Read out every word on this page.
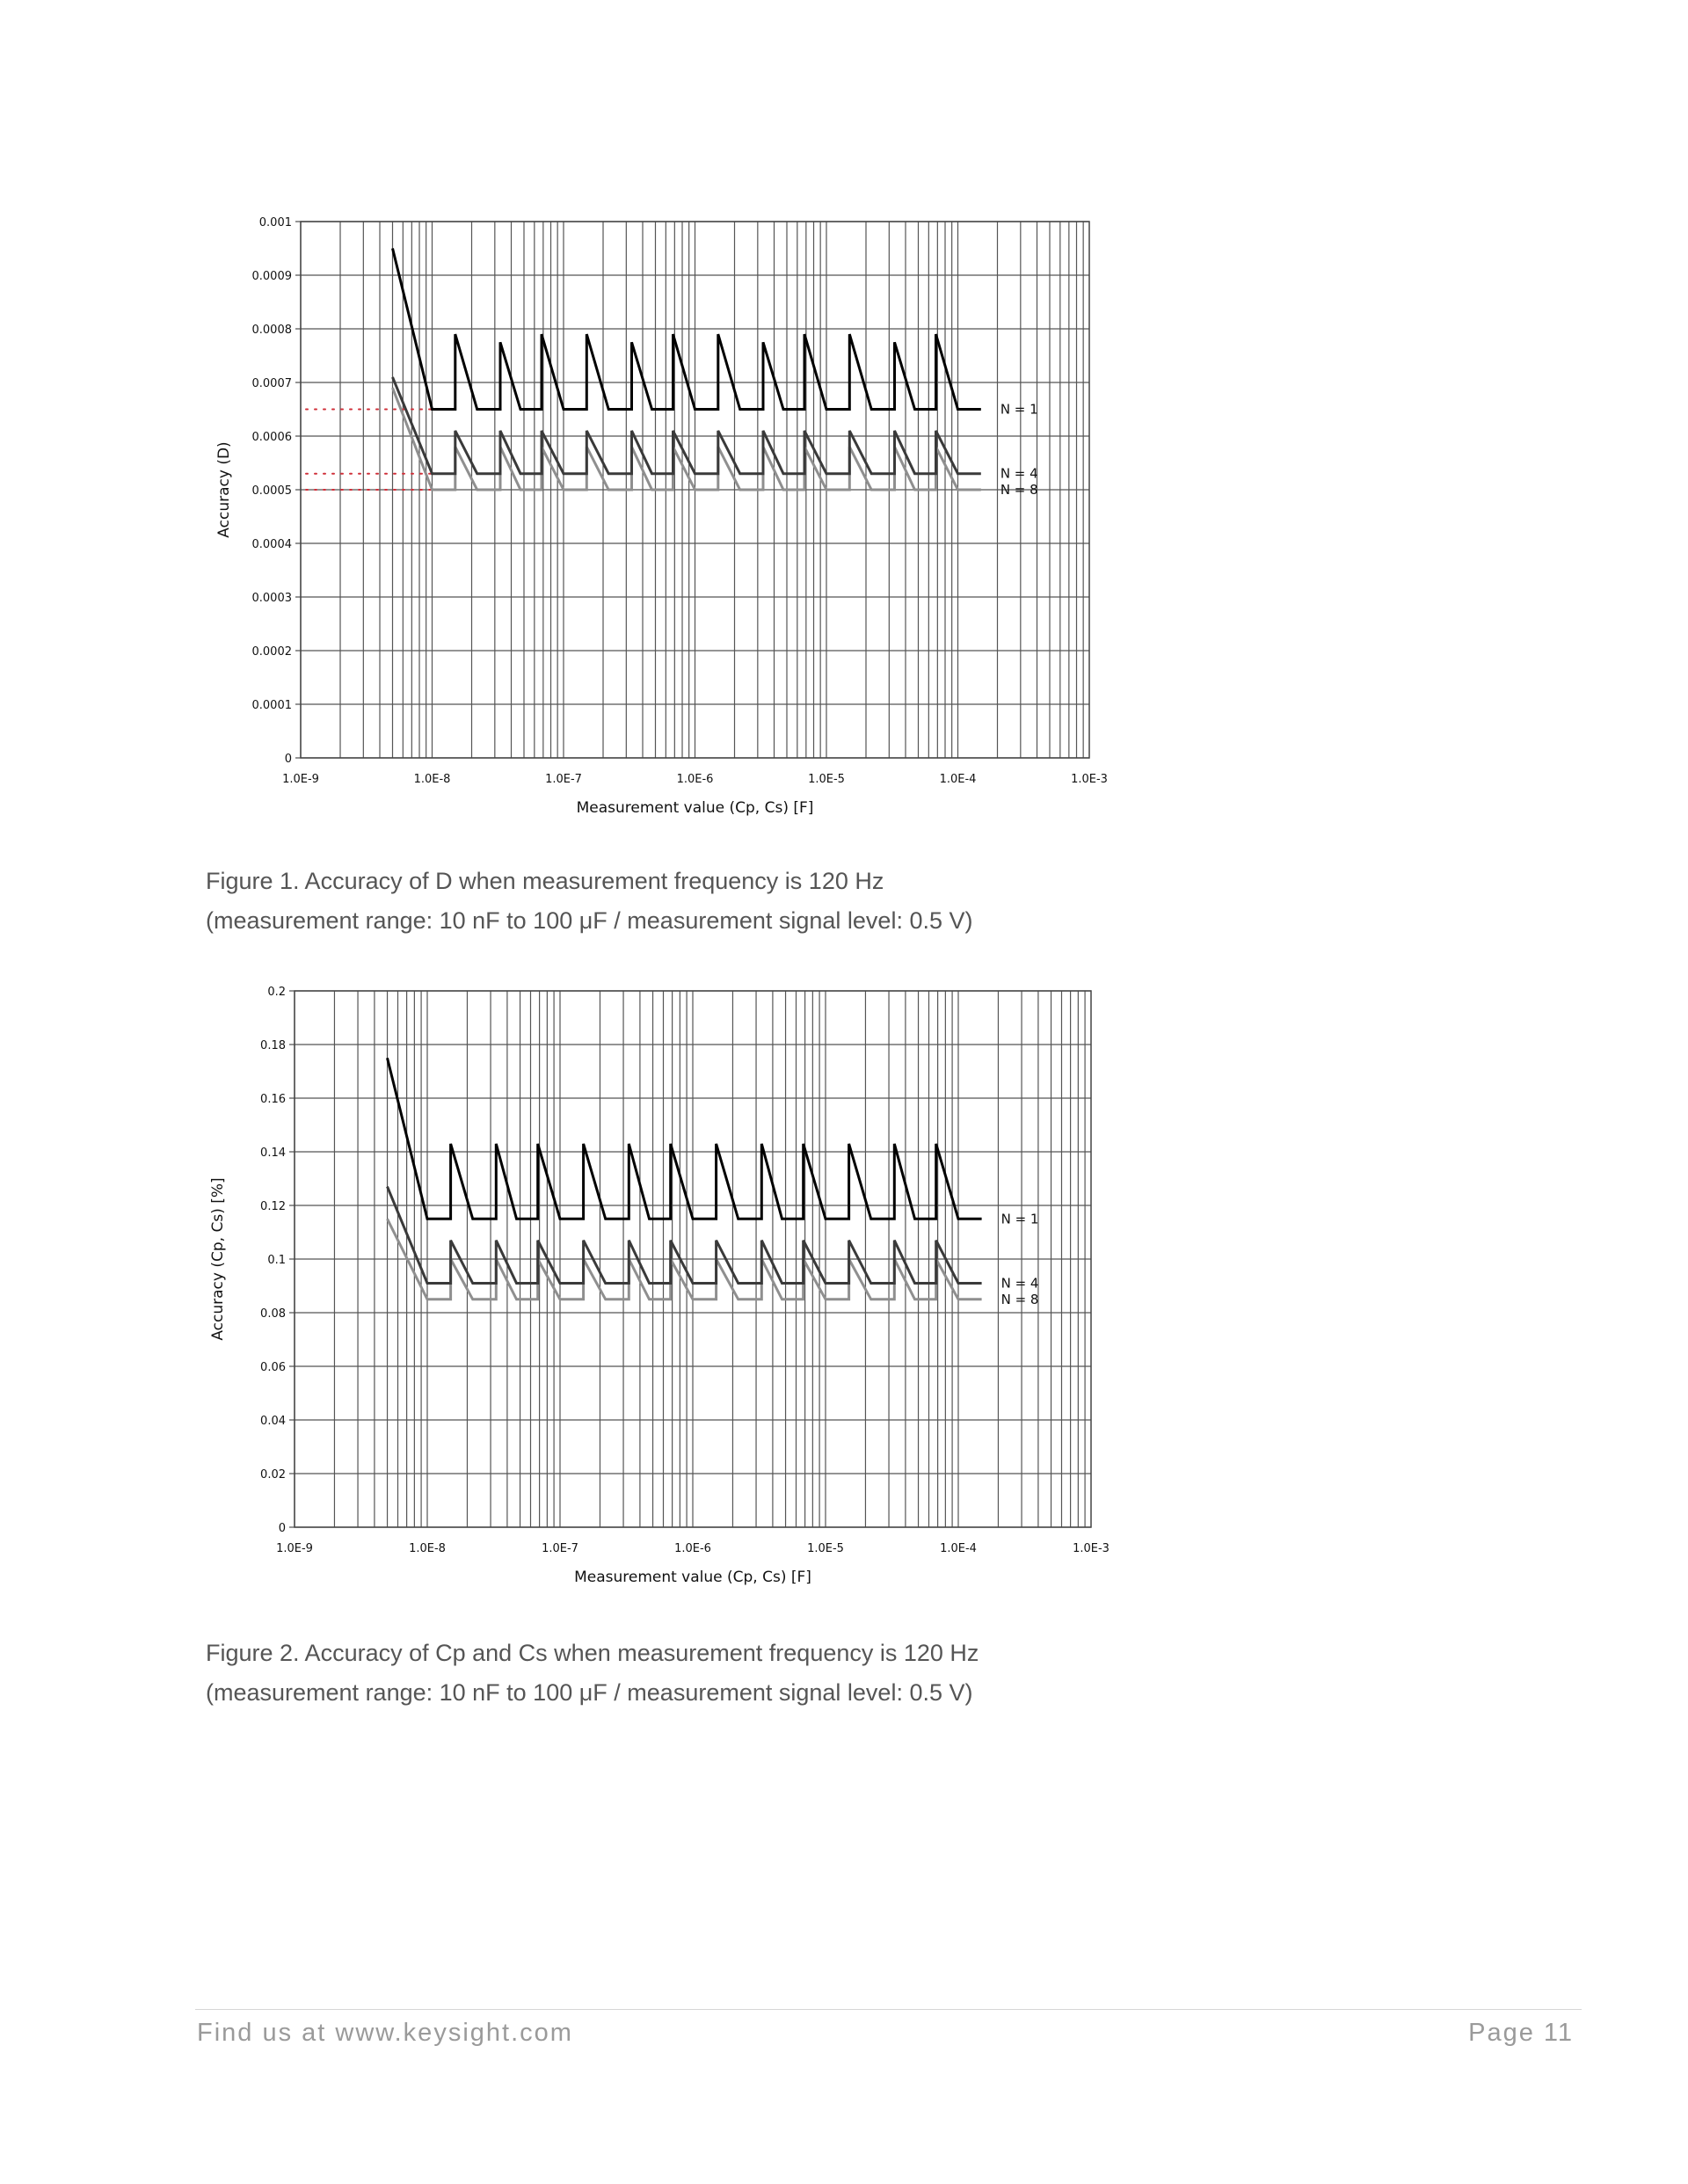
0
0.0001
0.0002
0.0003
0.0004
0.0005
0.0006
0.0007
0.0008
0.0009
0.001
1.0E-9	1.0E-8	1.0E-7	1.0E-6	1.0E-5	1.0E-4	1.0E-3
Measurement value (Cp, Cs) [F]
Accuracy (D)
N = 1
N = 4
N = 8
Figure 1. Accuracy of D when measurement frequency is 120 Hz
(measurement range: 10 nF to 100 μF / measurement signal level: 0.5 V)
0
0.02
0.04
0.06
0.08
0.1
0.12
0.14
0.16
0.18
0.2
1.0E-9	1.0E-8	1.0E-7	1.0E-6	1.0E-5	1.0E-4	1.0E-3
Measurement value (Cp, Cs) [F]
Accuracy (Cp, Cs) [%]	N = 1
N = 4
N = 8
Figure 2. Accuracy of Cp and Cs when measurement frequency is 120 Hz
(measurement range: 10 nF to 100 μF / measurement signal level: 0.5 V)
Find us at www.keysight.com	Page 11
